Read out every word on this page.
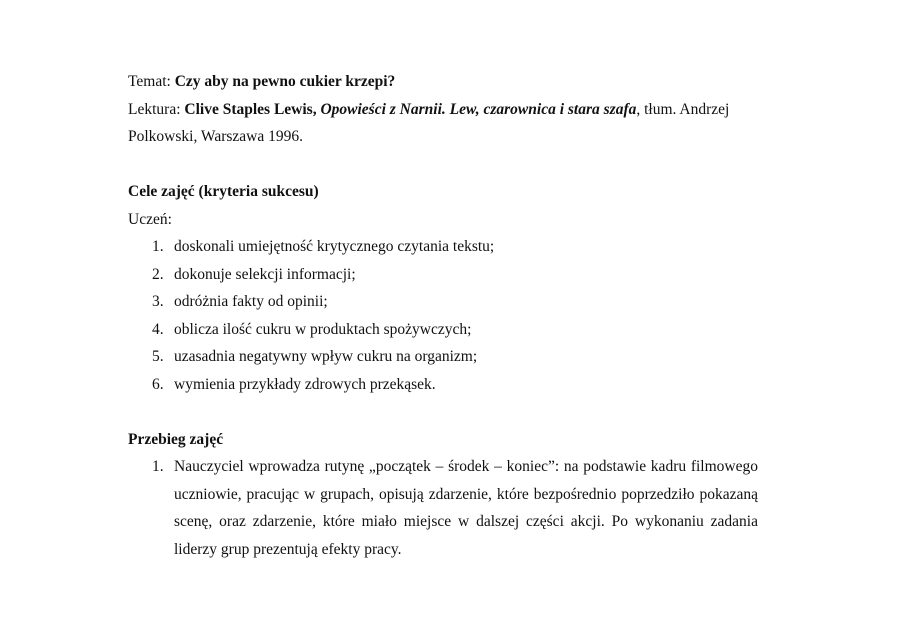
Temat: Czy aby na pewno cukier krzepi?
Lektura: Clive Staples Lewis, Opowieści z Narnii. Lew, czarownica i stara szafa, tłum. Andrzej
Polkowski, Warszawa 1996.
Cele zajęć (kryteria sukcesu)
Uczeń:
1. doskonali umiejętność krytycznego czytania tekstu;
2. dokonuje selekcji informacji;
3. odróżnia fakty od opinii;
4. oblicza ilość cukru w produktach spożywczych;
5. uzasadnia negatywny wpływ cukru na organizm;
6. wymienia przykłady zdrowych przekąsek.
Przebieg zajęć
1. Nauczyciel wprowadza rutynę „początek – środek – koniec”: na podstawie kadru filmowego uczniowie, pracując w grupach, opisują zdarzenie, które bezpośrednio poprzedziło pokazaną scenę, oraz zdarzenie, które miało miejsce w dalszej części akcji. Po wykonaniu zadania liderzy grup prezentują efekty pracy.
